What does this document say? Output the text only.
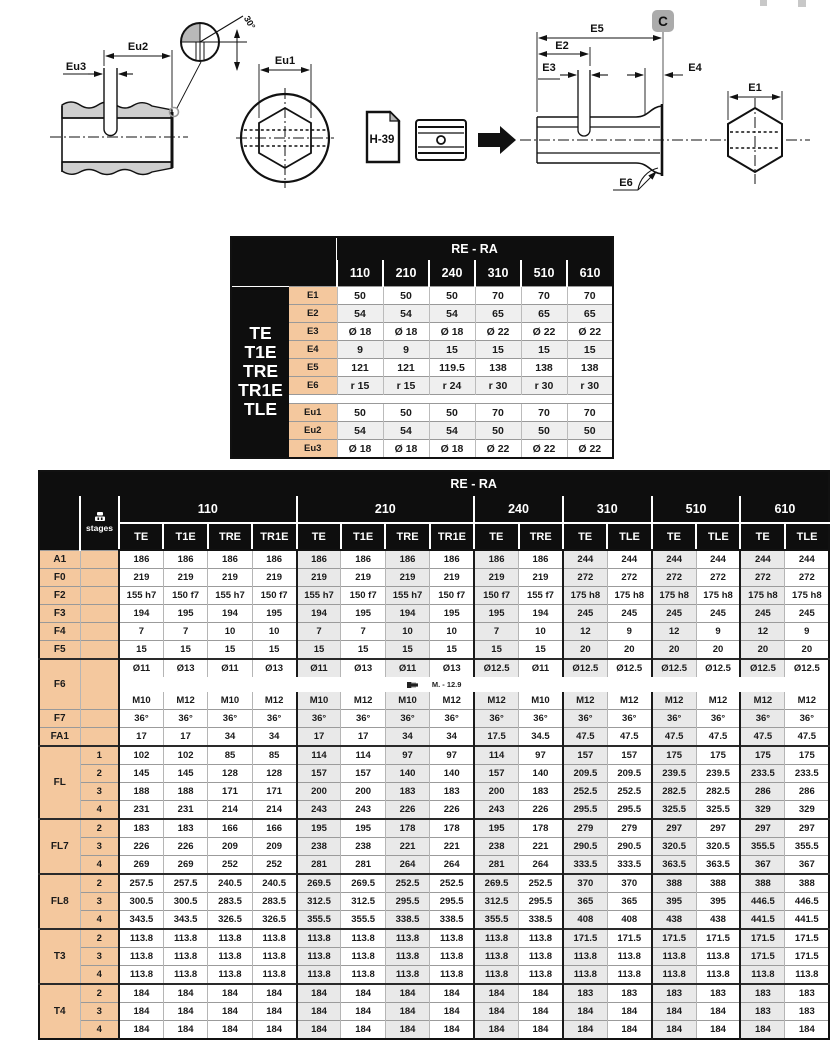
Eu2
Eu3
30°
Eu1
H-39
E5
E2
E3	E4
E6
E1
C
		RE - RA					
		110	210	240	310	510	610

TE
T1E
TRE
TR1E
TLE	E1	50	50	50	70	70	70
	E2	54	54	54	65	65	65
	E3	Ø 18	Ø 18	Ø 18	Ø 22	Ø 22	Ø 22
	E4	9	9	15	15	15	15
	E5	121	121	119.5	138	138	138
	E6	r 15	r 15	r 24	r 30	r 30	r 30

	Eu1	50	50	50	70	70	70
	Eu2	54	54	54	50	50	50
	Eu3	Ø 18	Ø 18	Ø 18	Ø 22	Ø 22	Ø 22
		RE - RA															

	stages	110				210				240		310		510		610	
		TE	T1E	TRE	TR1E	TE	T1E	TRE	TR1E	TE	TRE	TE	TLE	TE	TLE	TE	TLE
A1		186	186	186	186	186	186	186	186	186	186	244	244	244	244	244	244
F0		219	219	219	219	219	219	219	219	219	219	272	272	272	272	272	272
F2		155 h7	150 f7	155 h7	150 f7	155 h7	150 f7	155 h7	150 f7	150 f7	155 f7	175 h8	175 h8	175 h8	175 h8	175 h8	175 h8
F3		194	195	194	195	194	195	194	195	195	194	245	245	245	245	245	245
F4		7	7	10	10	7	7	10	10	7	10	12	9	12	9	12	9
F5		15	15	15	15	15	15	15	15	15	15	20	20	20	20	20	20
F6		Ø11	Ø13	Ø11	Ø13	Ø11	Ø13	Ø11	Ø13	Ø12.5	Ø11	Ø12.5	Ø12.5	Ø12.5	Ø12.5	Ø12.5	Ø12.5

		M. - 12.9															

		M10	M12	M10	M12	M10	M12	M10	M12	M12	M10	M12	M12	M12	M12	M12	M12
F7		36°	36°	36°	36°	36°	36°	36°	36°	36°	36°	36°	36°	36°	36°	36°	36°
FA1		17	17	34	34	17	17	34	34	17.5	34.5	47.5	47.5	47.5	47.5	47.5	47.5
FL	1	102	102	85	85	114	114	97	97	114	97	157	157	175	175	175	175
	2	145	145	128	128	157	157	140	140	157	140	209.5	209.5	239.5	239.5	233.5	233.5
	3	188	188	171	171	200	200	183	183	200	183	252.5	252.5	282.5	282.5	286	286
	4	231	231	214	214	243	243	226	226	243	226	295.5	295.5	325.5	325.5	329	329
FL7	2	183	183	166	166	195	195	178	178	195	178	279	279	297	297	297	297
	3	226	226	209	209	238	238	221	221	238	221	290.5	290.5	320.5	320.5	355.5	355.5
	4	269	269	252	252	281	281	264	264	281	264	333.5	333.5	363.5	363.5	367	367
FL8	2	257.5	257.5	240.5	240.5	269.5	269.5	252.5	252.5	269.5	252.5	370	370	388	388	388	388
	3	300.5	300.5	283.5	283.5	312.5	312.5	295.5	295.5	312.5	295.5	365	365	395	395	446.5	446.5
	4	343.5	343.5	326.5	326.5	355.5	355.5	338.5	338.5	355.5	338.5	408	408	438	438	441.5	441.5
T3	2	113.8	113.8	113.8	113.8	113.8	113.8	113.8	113.8	113.8	113.8	171.5	171.5	171.5	171.5	171.5	171.5
	3	113.8	113.8	113.8	113.8	113.8	113.8	113.8	113.8	113.8	113.8	113.8	113.8	113.8	113.8	171.5	171.5
	4	113.8	113.8	113.8	113.8	113.8	113.8	113.8	113.8	113.8	113.8	113.8	113.8	113.8	113.8	113.8	113.8
T4	2	184	184	184	184	184	184	184	184	184	184	183	183	183	183	183	183
	3	184	184	184	184	184	184	184	184	184	184	184	184	184	184	183	183
	4	184	184	184	184	184	184	184	184	184	184	184	184	184	184	184	184
